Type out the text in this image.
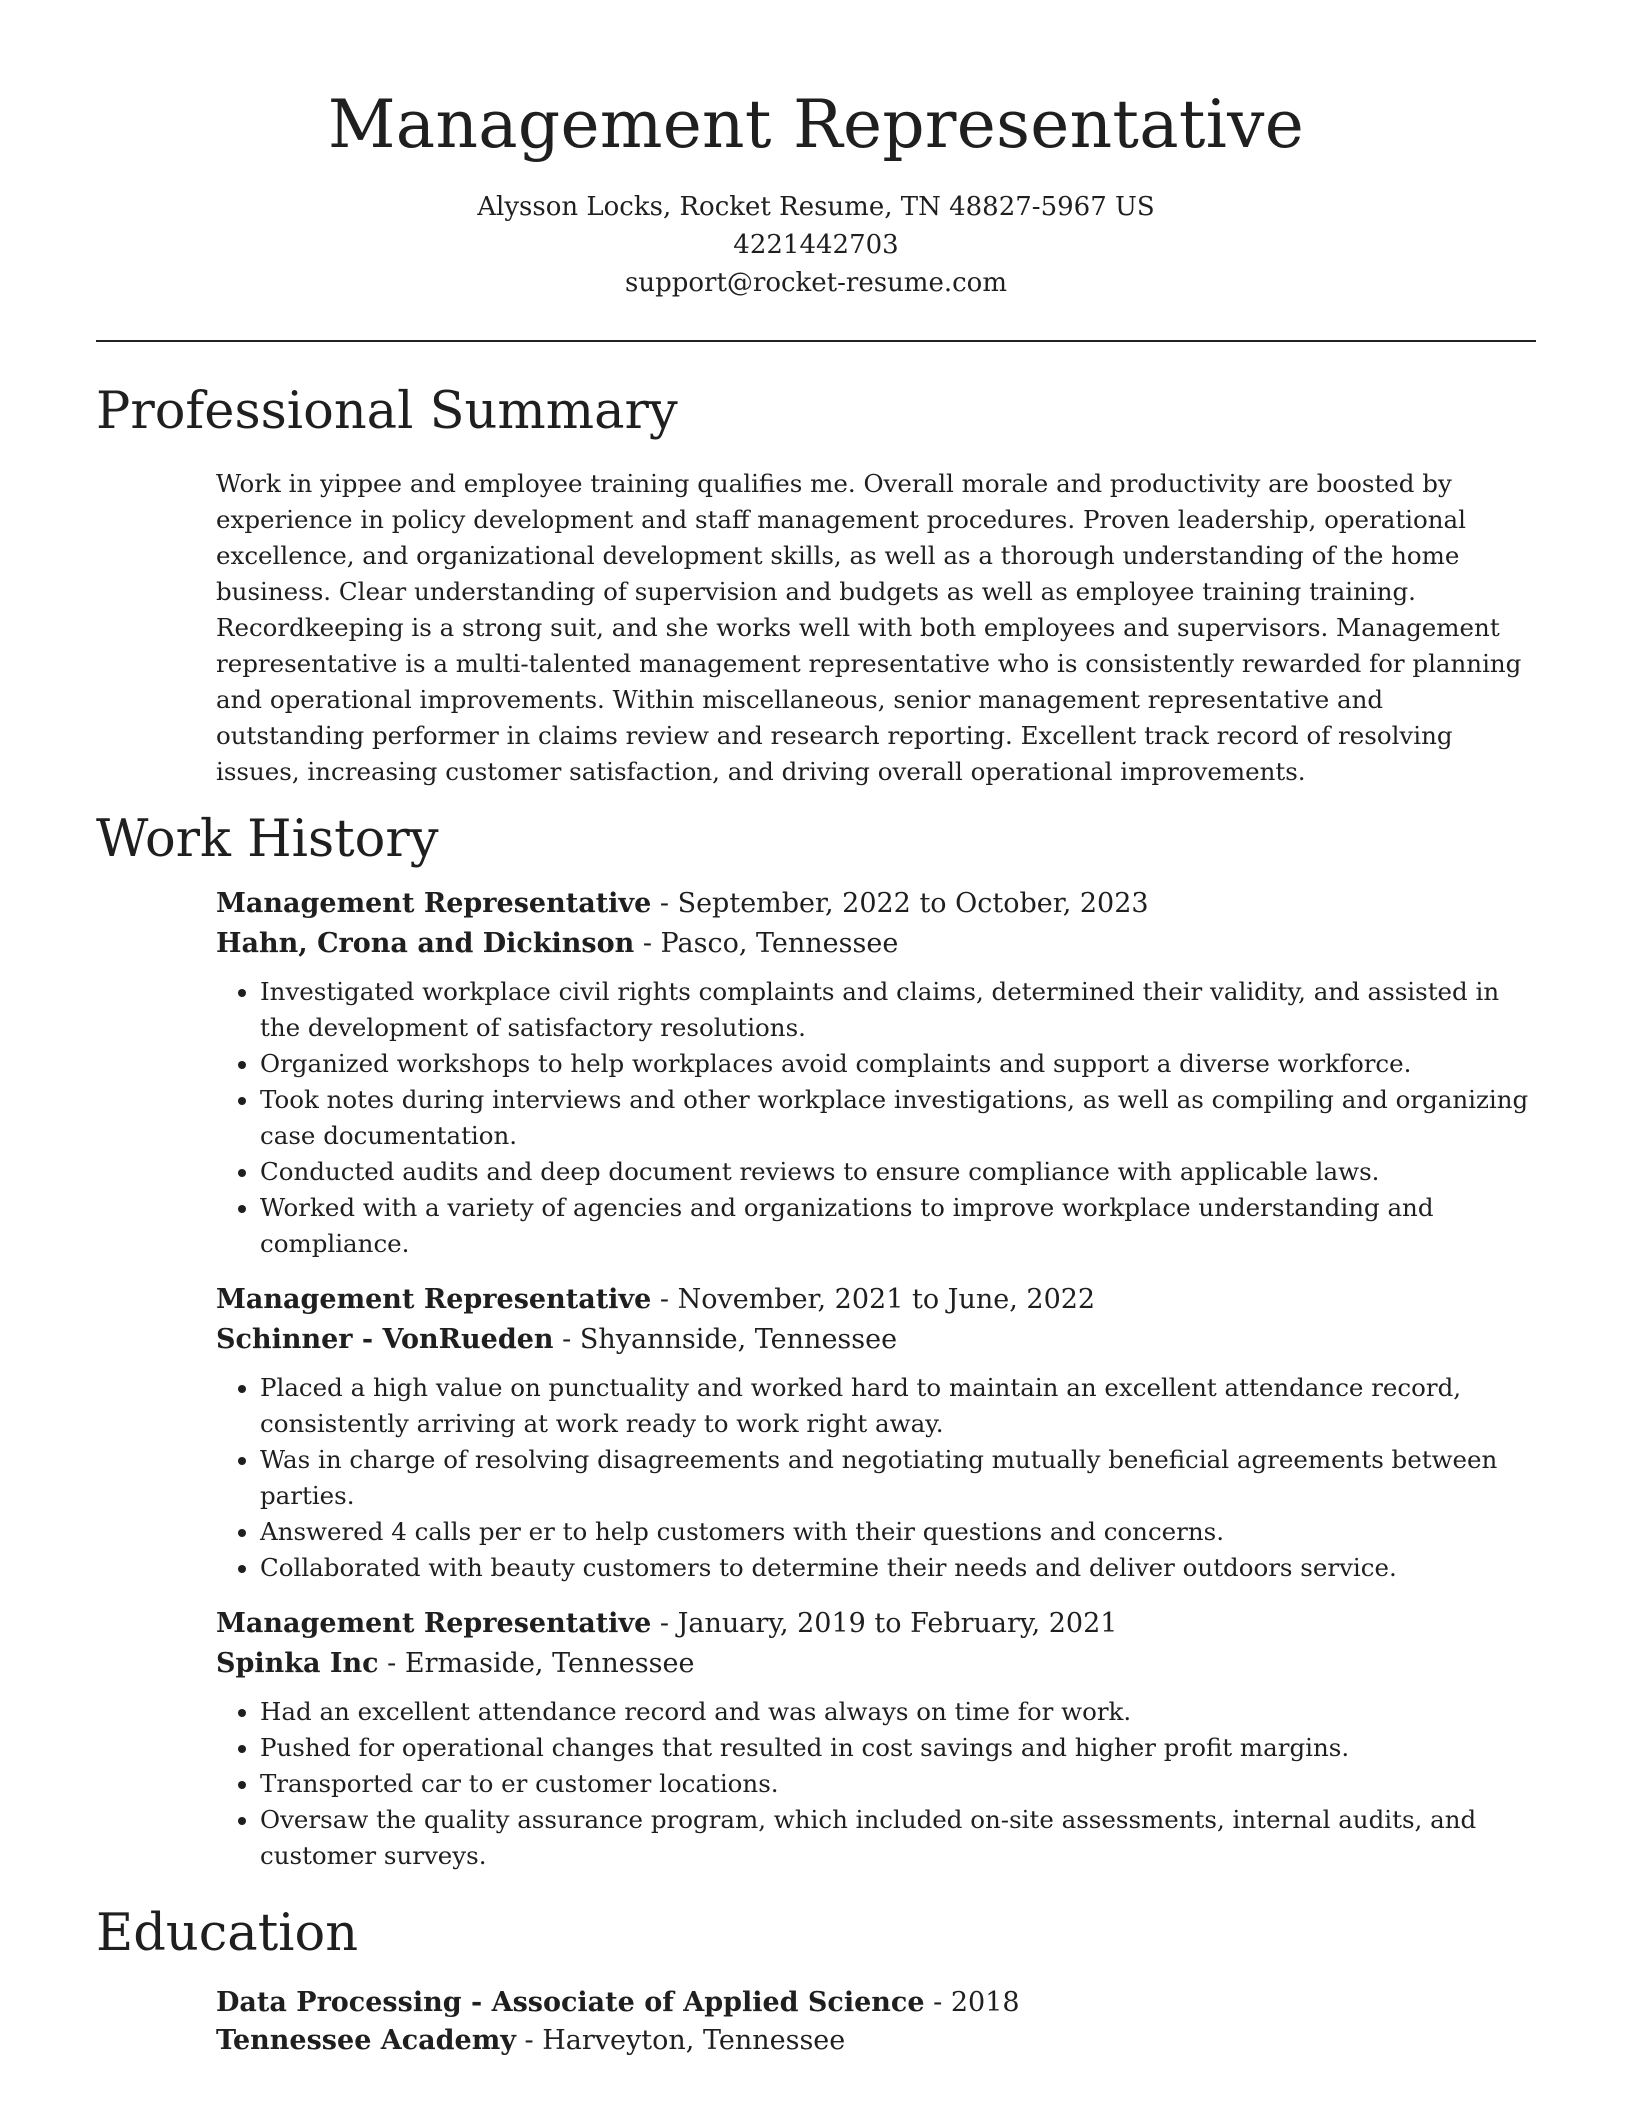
Management Representative
Alysson Locks, Rocket Resume, TN 48827-5967 US
4221442703
support@rocket-resume.com
Professional Summary
Work in yippee and employee training qualifies me. Overall morale and productivity are boosted by experience in policy development and staff management procedures. Proven leadership, operational excellence, and organizational development skills, as well as a thorough understanding of the home business. Clear understanding of supervision and budgets as well as employee training training. Recordkeeping is a strong suit, and she works well with both employees and supervisors. Management representative is a multi-talented management representative who is consistently rewarded for planning and operational improvements. Within miscellaneous, senior management representative and outstanding performer in claims review and research reporting. Excellent track record of resolving issues, increasing customer satisfaction, and driving overall operational improvements.
Work History
Management Representative - September, 2022 to October, 2023
Hahn, Crona and Dickinson - Pasco, Tennessee
• Investigated workplace civil rights complaints and claims, determined their validity, and assisted in the development of satisfactory resolutions.
• Organized workshops to help workplaces avoid complaints and support a diverse workforce.
• Took notes during interviews and other workplace investigations, as well as compiling and organizing case documentation.
• Conducted audits and deep document reviews to ensure compliance with applicable laws.
• Worked with a variety of agencies and organizations to improve workplace understanding and compliance.
Management Representative - November, 2021 to June, 2022
Schinner - VonRueden - Shyannside, Tennessee
• Placed a high value on punctuality and worked hard to maintain an excellent attendance record, consistently arriving at work ready to work right away.
• Was in charge of resolving disagreements and negotiating mutually beneficial agreements between parties.
• Answered 4 calls per er to help customers with their questions and concerns.
• Collaborated with beauty customers to determine their needs and deliver outdoors service.
Management Representative - January, 2019 to February, 2021
Spinka Inc - Ermaside, Tennessee
• Had an excellent attendance record and was always on time for work.
• Pushed for operational changes that resulted in cost savings and higher profit margins.
• Transported car to er customer locations.
• Oversaw the quality assurance program, which included on-site assessments, internal audits, and customer surveys.
Education
Data Processing - Associate of Applied Science - 2018
Tennessee Academy - Harveyton, Tennessee
